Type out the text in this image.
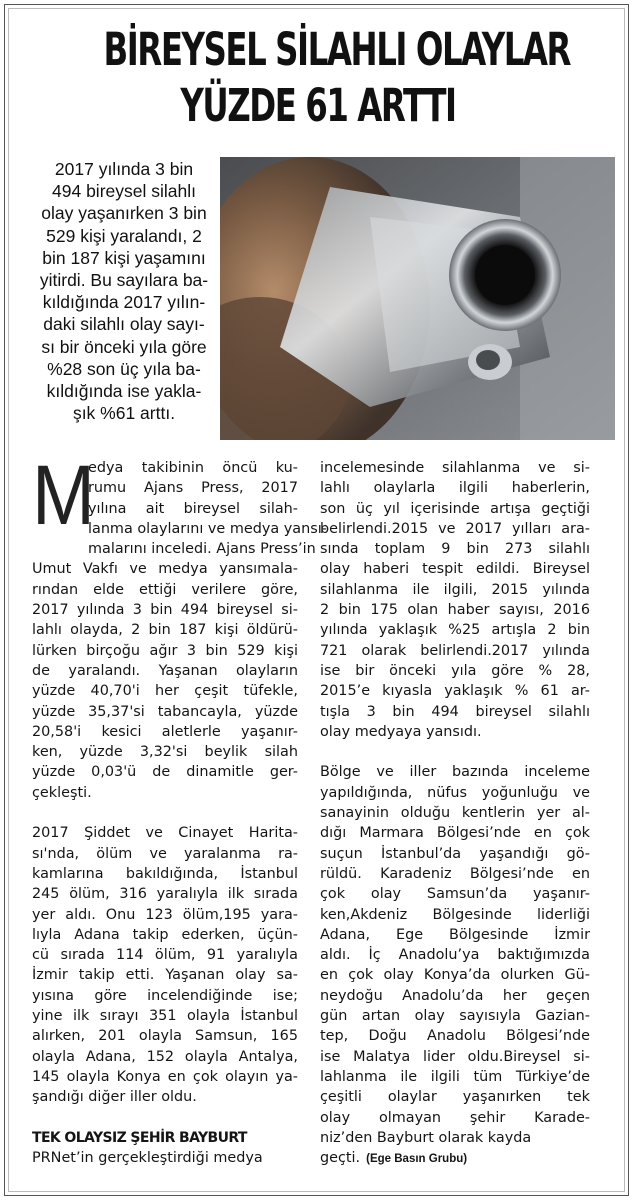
BİREYSEL SİLAHLI OLAYLAR
YÜZDE 61 ARTTI
2017 yılında 3 bin
494 bireysel silahlı
olay yaşanırken 3 bin
529 kişi yaralandı, 2
bin 187 kişi yaşamını
yitirdi. Bu sayılara ba-
kıldığında 2017 yılın-
daki silahlı olay sayı-
sı bir önceki yıla göre
%28 son üç yıla ba-
kıldığında ise yakla-
şık %61 arttı.
M
edya takibinin öncü ku-
rumu Ajans Press, 2017
yılına ait bireysel silah-
lanma olaylarını ve medya yansı-
malarını inceledi. Ajans Press’in
Umut Vakfı ve medya yansımala-
rından elde ettiği verilere göre,
2017 yılında 3 bin 494 bireysel si-
lahlı olayda, 2 bin 187 kişi öldürü-
lürken birçoğu ağır 3 bin 529 kişi
de yaralandı. Yaşanan olayların
yüzde 40,70'i her çeşit tüfekle,
yüzde 35,37'si tabancayla, yüzde
20,58'i kesici aletlerle yaşanır-
ken, yüzde 3,32'si beylik silah
yüzde 0,03'ü de dinamitle ger-
çekleşti.
2017 Şiddet ve Cinayet Harita-
sı'nda, ölüm ve yaralanma ra-
kamlarına bakıldığında, İstanbul
245 ölüm, 316 yaralıyla ilk sırada
yer aldı. Onu 123 ölüm,195 yara-
lıyla Adana takip ederken, üçün-
cü sırada 114 ölüm, 91 yaralıyla
İzmir takip etti. Yaşanan olay sa-
yısına göre incelendiğinde ise;
yine ilk sırayı 351 olayla İstanbul
alırken, 201 olayla Samsun, 165
olayla Adana, 152 olayla Antalya,
145 olayla Konya en çok olayın ya-
şandığı diğer iller oldu.
TEK OLAYSIZ ŞEHİR BAYBURT
PRNet’in gerçekleştirdiği medya
incelemesinde silahlanma ve si-
lahlı olaylarla ilgili haberlerin,
son üç yıl içerisinde artışa geçtiği
belirlendi.2015 ve 2017 yılları ara-
sında toplam 9 bin 273 silahlı
olay haberi tespit edildi. Bireysel
silahlanma ile ilgili, 2015 yılında
2 bin 175 olan haber sayısı, 2016
yılında yaklaşık %25 artışla 2 bin
721 olarak belirlendi.2017 yılında
ise bir önceki yıla göre % 28,
2015’e kıyasla yaklaşık % 61 ar-
tışla 3 bin 494 bireysel silahlı
olay medyaya yansıdı.
Bölge ve iller bazında inceleme
yapıldığında, nüfus yoğunluğu ve
sanayinin olduğu kentlerin yer al-
dığı Marmara Bölgesi’nde en çok
suçun İstanbul’da yaşandığı gö-
rüldü. Karadeniz Bölgesi’nde en
çok olay Samsun’da yaşanır-
ken,Akdeniz Bölgesinde liderliği
Adana, Ege Bölgesinde İzmir
aldı. İç Anadolu’ya baktığımızda
en çok olay Konya’da olurken Gü-
neydoğu Anadolu’da her geçen
gün artan olay sayısıyla Gazian-
tep, Doğu Anadolu Bölgesi’nde
ise Malatya lider oldu.Bireysel si-
lahlanma ile ilgili tüm Türkiye’de
çeşitli olaylar yaşanırken tek
olay olmayan şehir Karade-
niz’den Bayburt olarak kayda
geçti. (Ege Basın Grubu)
